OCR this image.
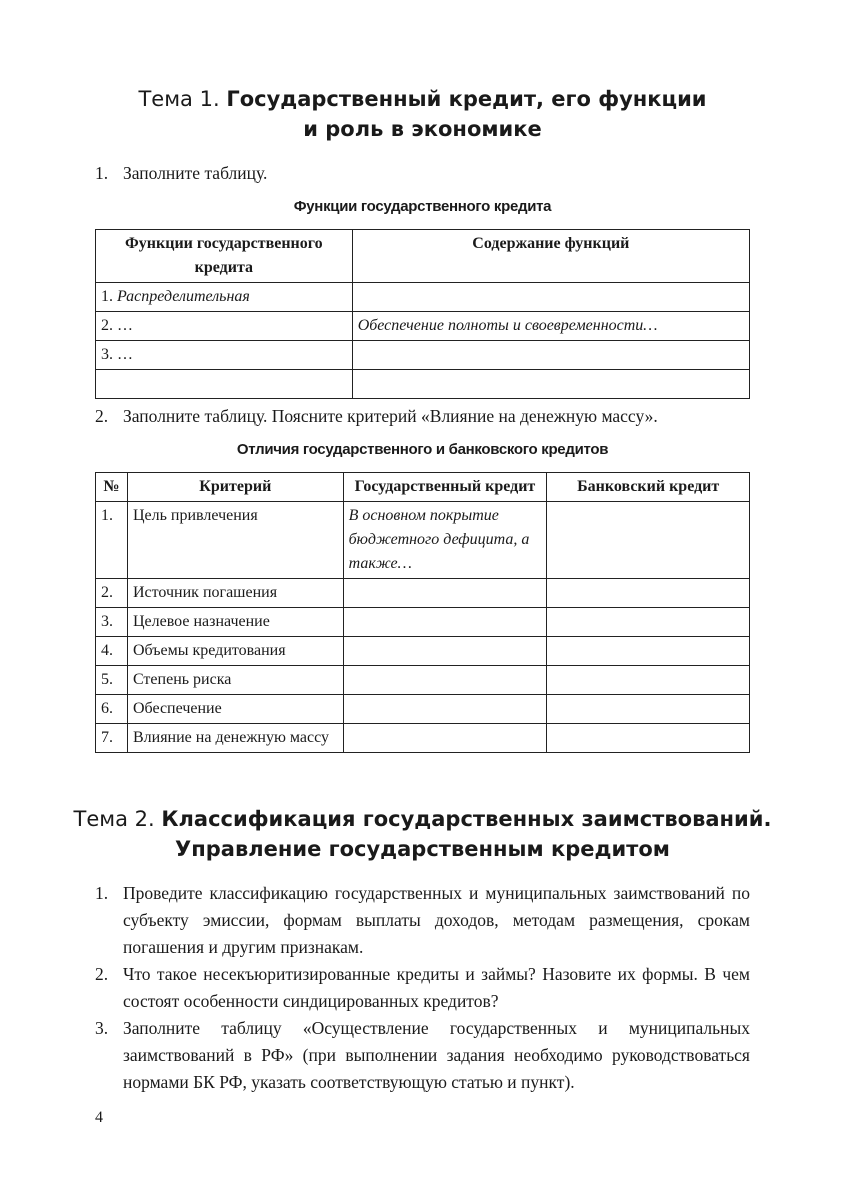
Тема 1. Государственный кредит, его функции
и роль в экономике
1. Заполните таблицу.
Функции государственного кредита
Функции государственного кредита	Содержание функций
1. Распределительная	
2. …	Обеспечение полноты и своевременности…
3. …	

2. Заполните таблицу. Поясните критерий «Влияние на денежную массу».
Отличия государственного и банковского кредитов
№	Критерий	Государственный кредит	Банковский кредит
1.	Цель привлечения	В основном покрытие бюджетного дефицита, а также…	
2.	Источник погашения		
3.	Целевое назначение		
4.	Объемы кредитования		
5.	Степень риска		
6.	Обеспечение		
7.	Влияние на денежную массу		
Тема 2. Классификация государственных заимствований.
Управление государственным кредитом
1. Проведите классификацию государственных и муниципальных заимствований по субъекту эмиссии, формам выплаты доходов, методам размещения, срокам погашения и другим признакам.
2. Что такое несекъюритизированные кредиты и займы? Назовите их формы. В чем состоят особенности синдицированных кредитов?
3. Заполните таблицу «Осуществление государственных и муниципальных заимствований в РФ» (при выполнении задания необходимо руководствоваться нормами БК РФ, указать соответствующую статью и пункт).
4
